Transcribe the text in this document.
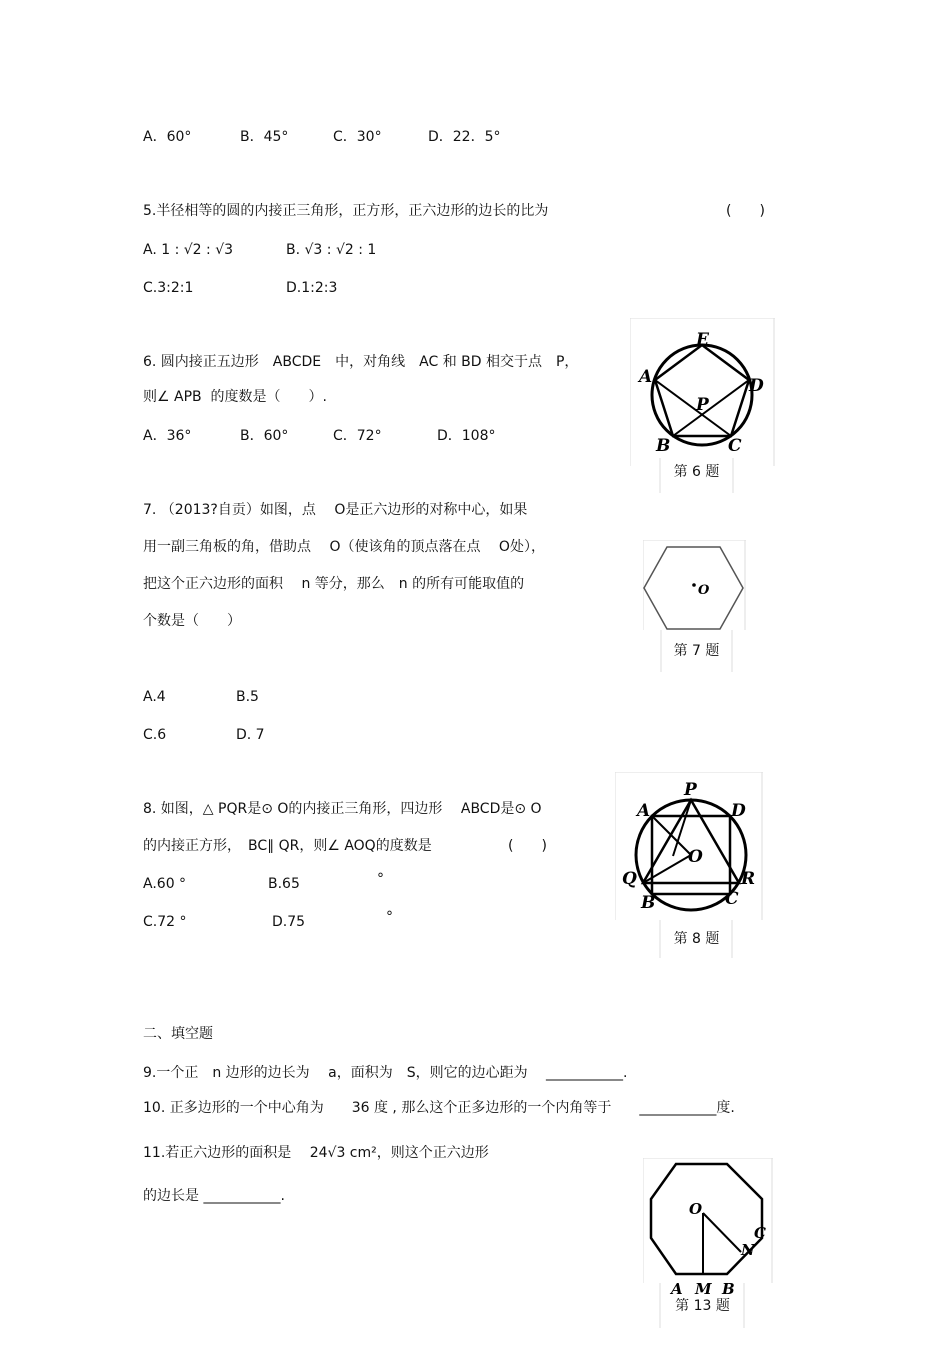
A．60°	B．45°	C．30°	D．22．5°
5.半径相等的圆的内接正三角形，正方形，正六边形的边长的比为	(　　)
A. 1 : √2 : √3	B. √3 : √2 : 1
C.3:2:1	D.1:2:3
6. 圆内接正五边形　ABCDE　中，对角线　AC 和 BD 相交于点　P，
则∠ APB  的度数是（　　）.
A．36°	B．60°	C．72°	D．108°
E
A	D
P
B	C
第 6 题
7. （2013?自贡）如图，点　 O是正六边形的对称中心，如果
用一副三角板的角，借助点　 O（使该角的顶点落在点　 O处），
把这个正六边形的面积　 n 等分，那么　n 的所有可能取值的
个数是（　　）
A.4	B.5
C.6	D. 7
O
第 7 题
8. 如图，△ PQR是⊙ O的内接正三角形，四边形　 ABCD是⊙ O
的内接正方形，　BC∥ QR，则∠ AOQ的度数是	(　　)
A.60 °	B.65	°
C.72 °	D.75	°
P
A	D
O
Q	R
B	C
第 8 题
二、填空题
9.一个正　n 边形的边长为　 a，面积为　S，则它的边心距为　 ___________.
10. 正多边形的一个中心角为　　36 度 , 那么这个正多边形的一个内角等于　　___________度.
11.若正六边形的面积是　 24√3 cm²，则这个正六边形
的边长是 ___________.
O
C
N
A M B
第 13 题
